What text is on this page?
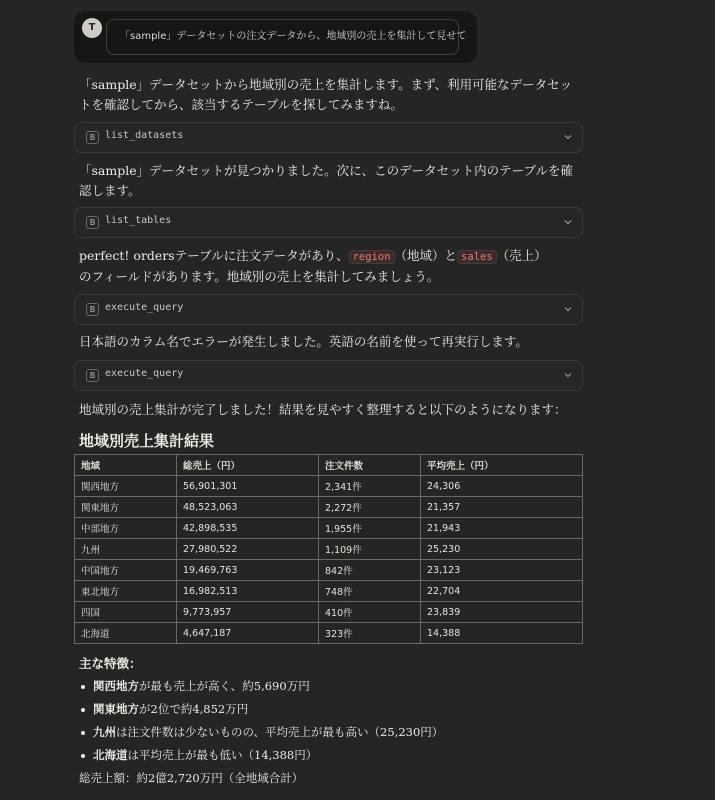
T
「sample」データセットの注文データから、地域別の売上を集計して見せて
「sample」データセットから地域別の売上を集計します。まず、利用可能なデータセットを確認してから、該当するテーブルを探してみますね。
B list_datasets
「sample」データセットが見つかりました。次に、このデータセット内のテーブルを確認します。
B list_tables
perfect! ordersテーブルに注文データがあり、 region （地域）と sales （売上）のフィールドがあります。地域別の売上を集計してみましょう。
B execute_query
日本語のカラム名でエラーが発生しました。英語の名前を使って再実行します。
B execute_query
地域別の売上集計が完了しました！結果を見やすく整理すると以下のようになります：
地域別売上集計結果
地域	総売上（円）	注文件数	平均売上（円）
関西地方	56,901,301	2,341件	24,306
関東地方	48,523,063	2,272件	21,357
中部地方	42,898,535	1,955件	21,943
九州	27,980,522	1,109件	25,230
中国地方	19,469,763	842件	23,123
東北地方	16,982,513	748件	22,704
四国	9,773,957	410件	23,839
北海道	4,647,187	323件	14,388
主な特徴：
関西地方が最も売上が高く、約5,690万円
関東地方が2位で約4,852万円
九州は注文件数は少ないものの、平均売上が最も高い（25,230円）
北海道は平均売上が最も低い（14,388円）
総売上額：約2億2,720万円（全地域合計）
